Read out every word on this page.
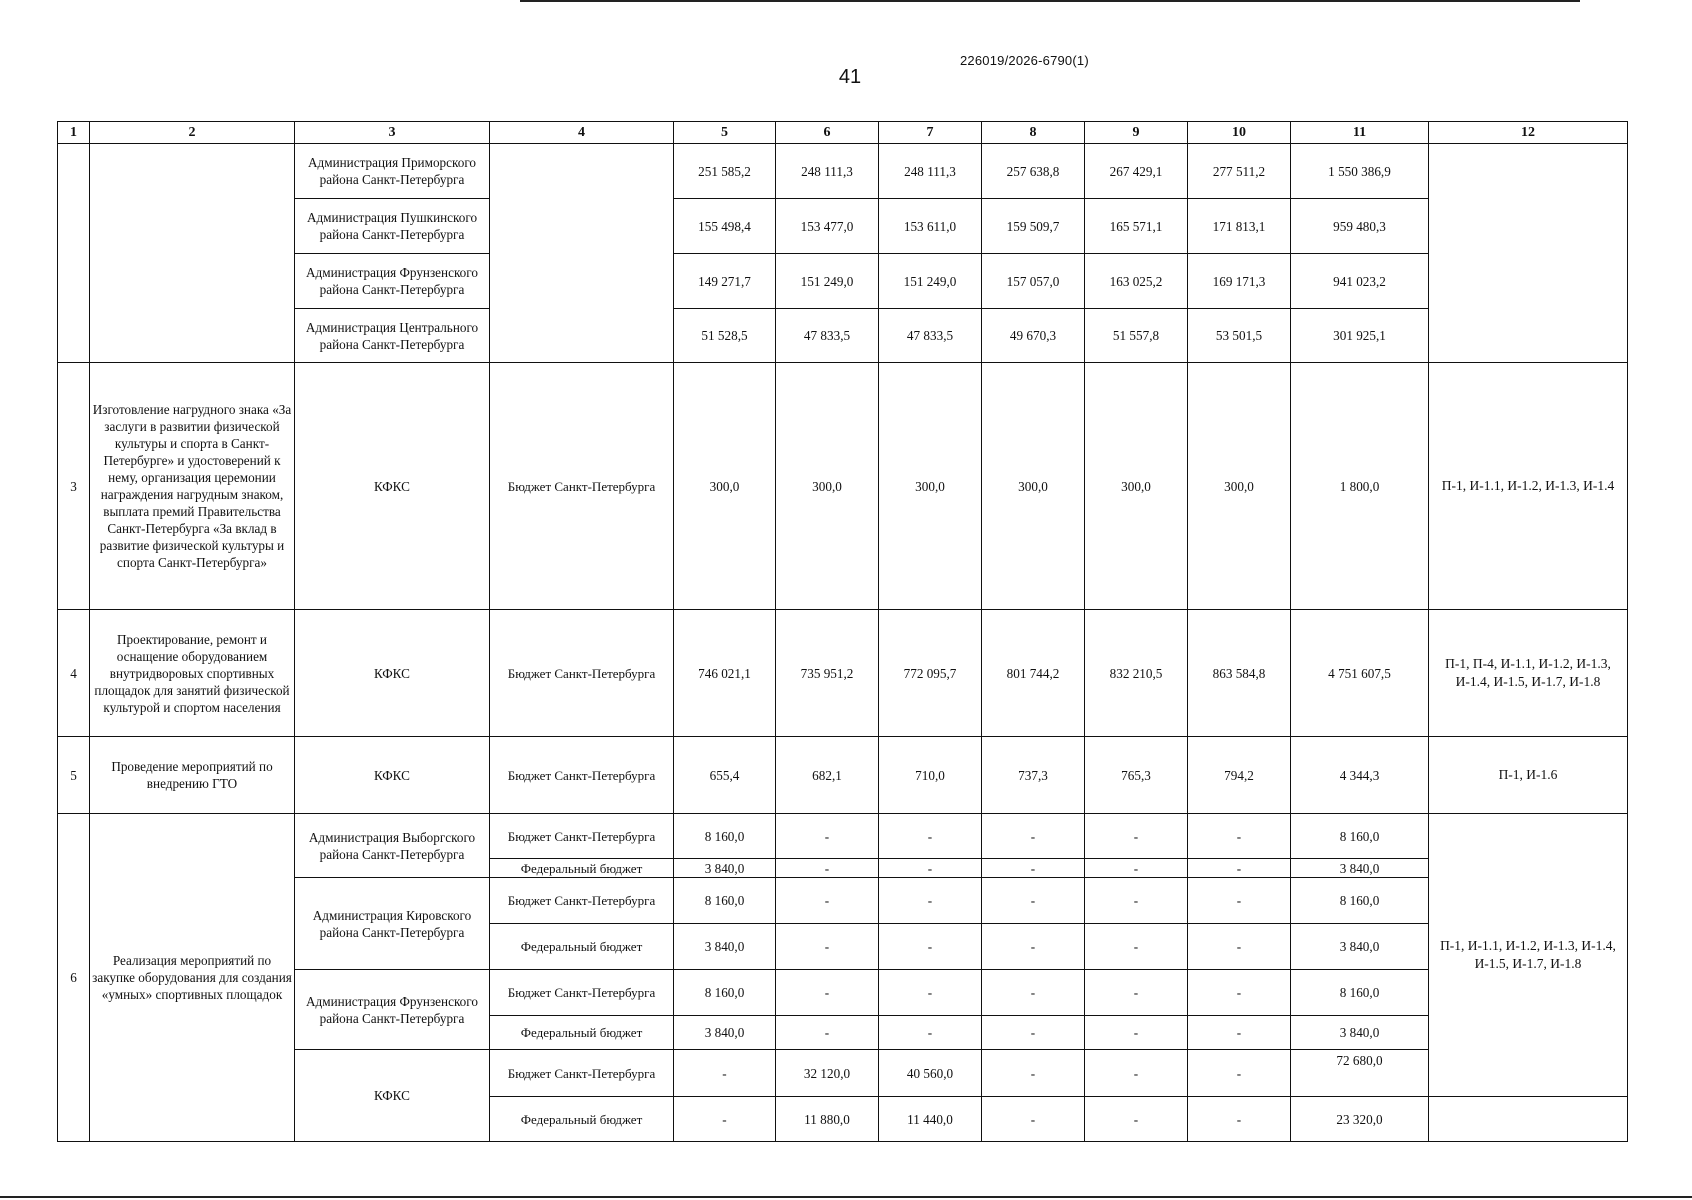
226019/2026-6790(1)
41
1	2	3	4	5	6	7	8	9	10	11	12
		Администрация Приморского района Санкт-Петербурга		251 585,2	248 111,3	248 111,3	257 638,8	267 429,1	277 511,2	1 550 386,9	
		Администрация Пушкинского района Санкт-Петербурга		155 498,4	153 477,0	153 611,0	159 509,7	165 571,1	171 813,1	959 480,3	
		Администрация Фрунзенского района Санкт-Петербурга		149 271,7	151 249,0	151 249,0	157 057,0	163 025,2	169 171,3	941 023,2	
		Администрация Центрального района Санкт-Петербурга		51 528,5	47 833,5	47 833,5	49 670,3	51 557,8	53 501,5	301 925,1	
3	Изготовление нагрудного знака «За заслуги в развитии физической культуры и спорта в Санкт-Петербурге» и удостоверений к нему, организация церемонии награждения нагрудным знаком, выплата премий Правительства Санкт-Петербурга «За вклад в развитие физической культуры и спорта Санкт-Петербурга»	КФКС	Бюджет Санкт-Петербурга	300,0	300,0	300,0	300,0	300,0	300,0	1 800,0	П-1, И-1.1, И-1.2, И-1.3, И-1.4
4	Проектирование, ремонт и оснащение оборудованием внутридворовых спортивных площадок для занятий физической культурой и спортом населения	КФКС	Бюджет Санкт-Петербурга	746 021,1	735 951,2	772 095,7	801 744,2	832 210,5	863 584,8	4 751 607,5	П-1, П-4, И-1.1, И-1.2, И-1.3, И-1.4, И-1.5, И-1.7, И-1.8
5	Проведение мероприятий по внедрению ГТО	КФКС	Бюджет Санкт-Петербурга	655,4	682,1	710,0	737,3	765,3	794,2	4 344,3	П-1, И-1.6
6	Реализация мероприятий по закупке оборудования для создания «умных» спортивных площадок	Администрация Выборгского района Санкт-Петербурга	Бюджет Санкт-Петербурга	8 160,0	-	-	-	-	-	8 160,0	П-1, И-1.1, И-1.2, И-1.3, И-1.4, И-1.5, И-1.7, И-1.8
			Федеральный бюджет	3 840,0	-	-	-	-	-	3 840,0	
		Администрация Кировского района Санкт-Петербурга	Бюджет Санкт-Петербурга	8 160,0	-	-	-	-	-	8 160,0	
			Федеральный бюджет	3 840,0	-	-	-	-	-	3 840,0	
		Администрация Фрунзенского района Санкт-Петербурга	Бюджет Санкт-Петербурга	8 160,0	-	-	-	-	-	8 160,0	
			Федеральный бюджет	3 840,0	-	-	-	-	-	3 840,0	
		КФКС	Бюджет Санкт-Петербурга	-	32 120,0	40 560,0	-	-	-	72 680,0	
			Федеральный бюджет	-	11 880,0	11 440,0	-	-	-	23 320,0	
